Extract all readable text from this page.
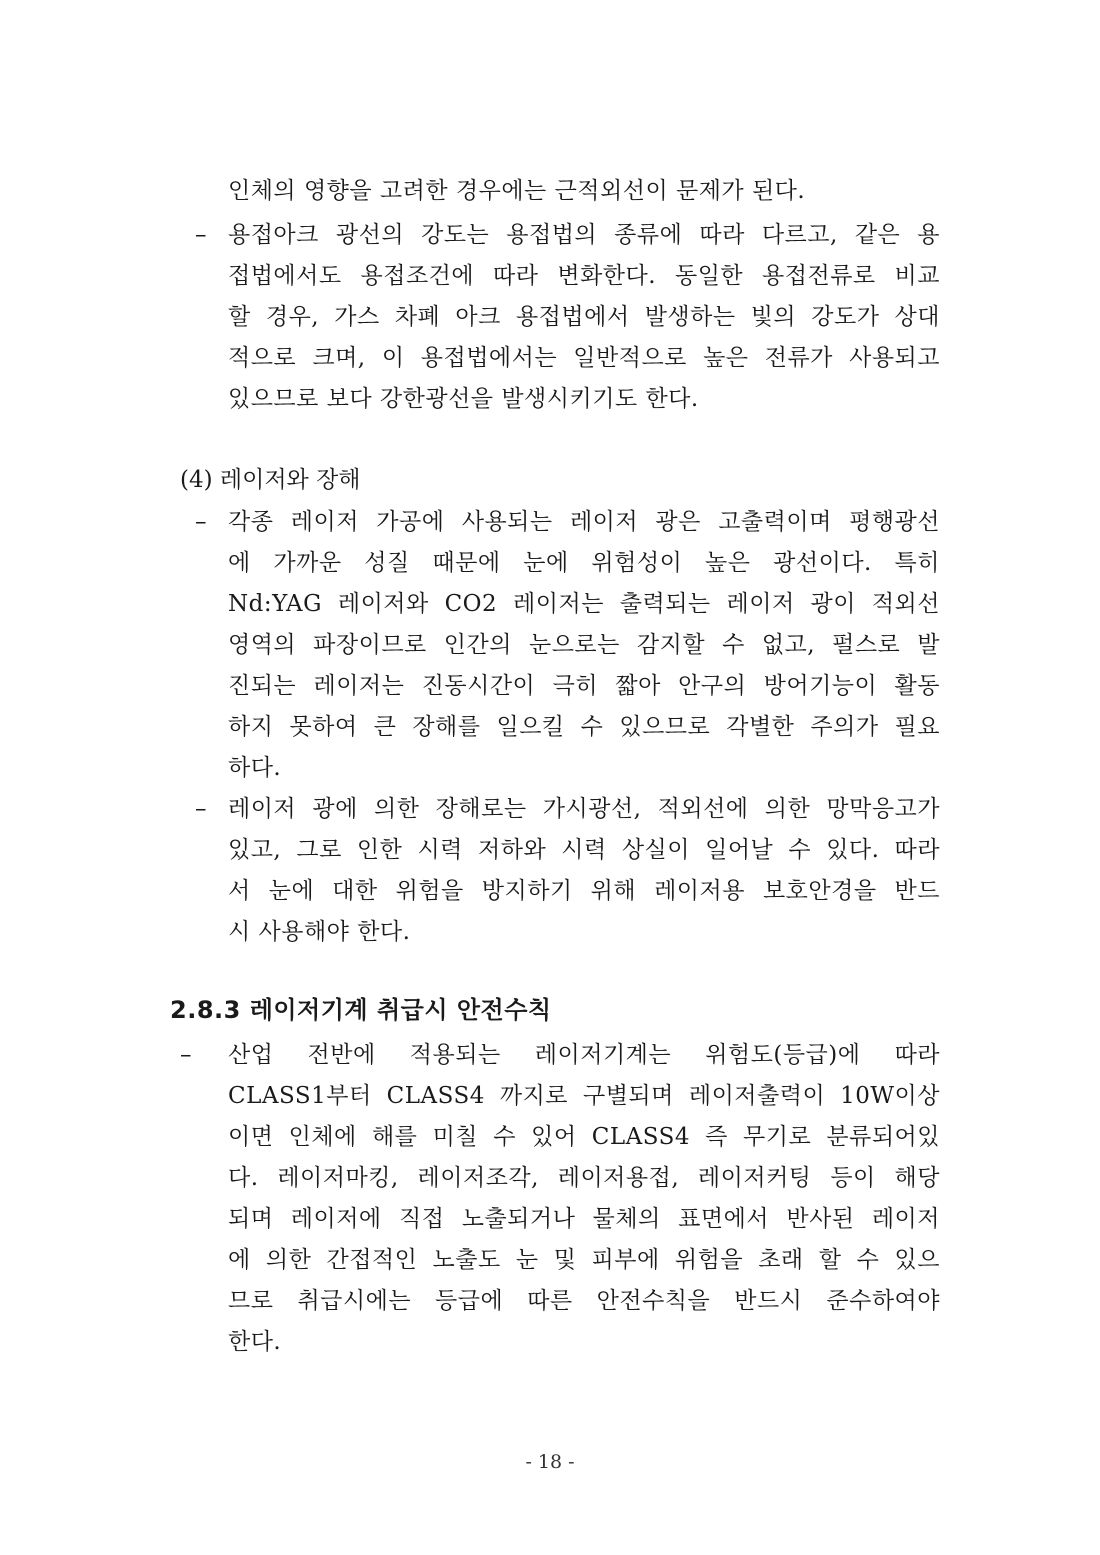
인체의 영향을 고려한 경우에는 근적외선이 문제가 된다.
– 용접아크 광선의 강도는 용접법의 종류에 따라 다르고, 같은 용
접법에서도 용접조건에 따라 변화한다. 동일한 용접전류로 비교
할 경우, 가스 차폐 아크 용접법에서 발생하는 빛의 강도가 상대
적으로 크며, 이 용접법에서는 일반적으로 높은 전류가 사용되고
있으므로 보다 강한광선을 발생시키기도 한다.
(4) 레이저와 장해
– 각종 레이저 가공에 사용되는 레이저 광은 고출력이며 평행광선
에 가까운 성질 때문에 눈에 위험성이 높은 광선이다. 특히
Nd:YAG 레이저와 CO2 레이저는 출력되는 레이저 광이 적외선
영역의 파장이므로 인간의 눈으로는 감지할 수 없고, 펄스로 발
진되는 레이저는 진동시간이 극히 짧아 안구의 방어기능이 활동
하지 못하여 큰 장해를 일으킬 수 있으므로 각별한 주의가 필요
하다.
– 레이저 광에 의한 장해로는 가시광선, 적외선에 의한 망막응고가
있고, 그로 인한 시력 저하와 시력 상실이 일어날 수 있다. 따라
서 눈에 대한 위험을 방지하기 위해 레이저용 보호안경을 반드
시 사용해야 한다.
2.8.3 레이저기계 취급시 안전수칙
– 산업 전반에 적용되는 레이저기계는 위험도(등급)에 따라
CLASS1부터 CLASS4 까지로 구별되며 레이저출력이 10W이상
이면 인체에 해를 미칠 수 있어 CLASS4 즉 무기로 분류되어있
다. 레이저마킹, 레이저조각, 레이저용접, 레이저커팅 등이 해당
되며 레이저에 직접 노출되거나 물체의 표면에서 반사된 레이저
에 의한 간접적인 노출도 눈 및 피부에 위험을 초래 할 수 있으
므로 취급시에는 등급에 따른 안전수칙을 반드시 준수하여야
한다.
- 18 -
